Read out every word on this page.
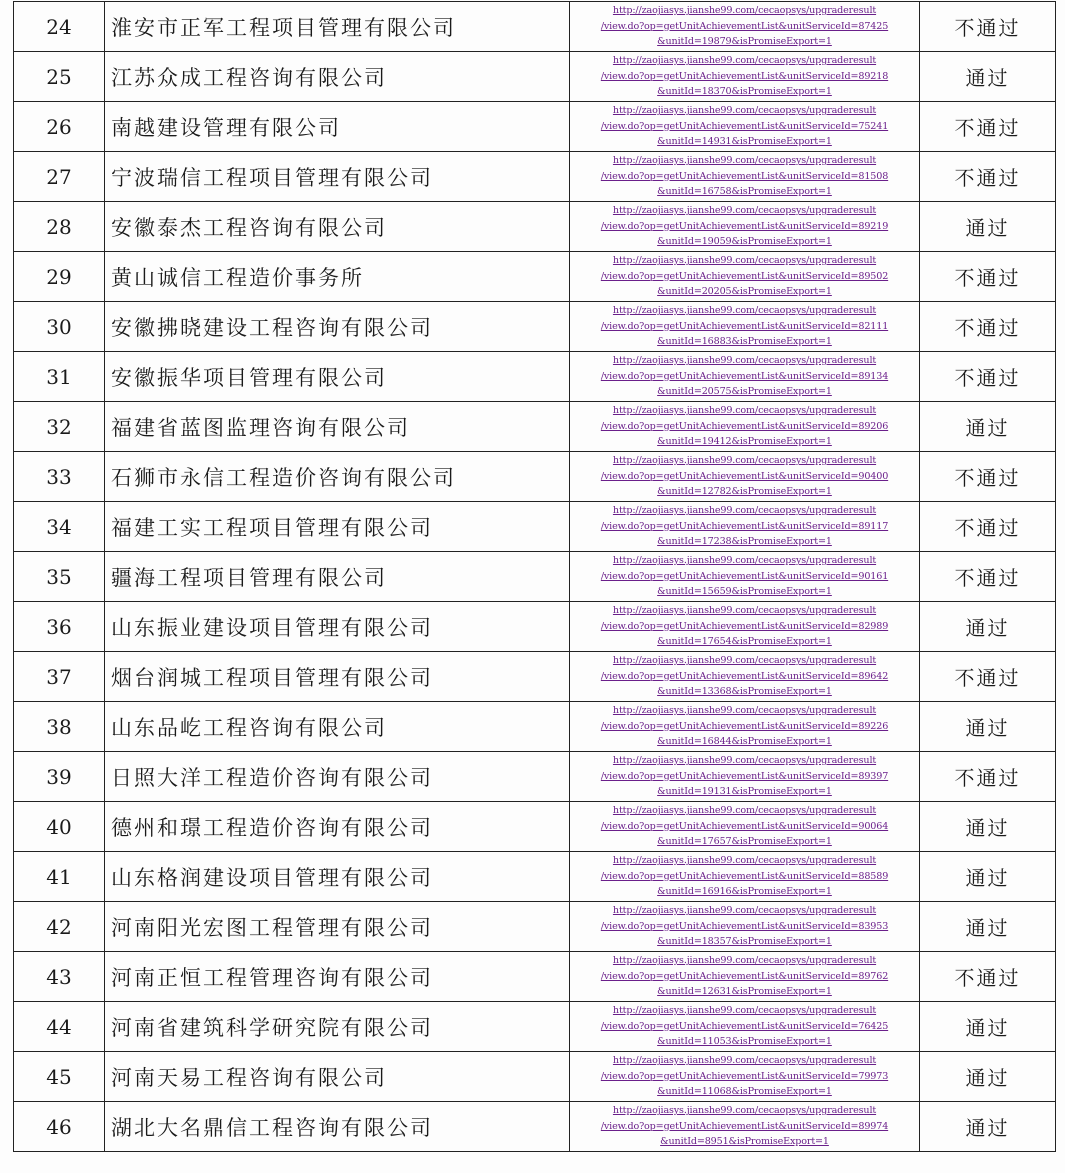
24	淮安市正军工程项目管理有限公司	http://zaojiasys.jianshe99.com/cecaopsys/upgraderesult
/view.do?op=getUnitAchievementList&unitServiceId=87425
&unitId=19879&isPromiseExport=1	不通过
25	江苏众成工程咨询有限公司	http://zaojiasys.jianshe99.com/cecaopsys/upgraderesult
/view.do?op=getUnitAchievementList&unitServiceId=89218
&unitId=18370&isPromiseExport=1	通过
26	南越建设管理有限公司	http://zaojiasys.jianshe99.com/cecaopsys/upgraderesult
/view.do?op=getUnitAchievementList&unitServiceId=75241
&unitId=14931&isPromiseExport=1	不通过
27	宁波瑞信工程项目管理有限公司	http://zaojiasys.jianshe99.com/cecaopsys/upgraderesult
/view.do?op=getUnitAchievementList&unitServiceId=81508
&unitId=16758&isPromiseExport=1	不通过
28	安徽泰杰工程咨询有限公司	http://zaojiasys.jianshe99.com/cecaopsys/upgraderesult
/view.do?op=getUnitAchievementList&unitServiceId=89219
&unitId=19059&isPromiseExport=1	通过
29	黄山诚信工程造价事务所	http://zaojiasys.jianshe99.com/cecaopsys/upgraderesult
/view.do?op=getUnitAchievementList&unitServiceId=89502
&unitId=20205&isPromiseExport=1	不通过
30	安徽拂晓建设工程咨询有限公司	http://zaojiasys.jianshe99.com/cecaopsys/upgraderesult
/view.do?op=getUnitAchievementList&unitServiceId=82111
&unitId=16883&isPromiseExport=1	不通过
31	安徽振华项目管理有限公司	http://zaojiasys.jianshe99.com/cecaopsys/upgraderesult
/view.do?op=getUnitAchievementList&unitServiceId=89134
&unitId=20575&isPromiseExport=1	不通过
32	福建省蓝图监理咨询有限公司	http://zaojiasys.jianshe99.com/cecaopsys/upgraderesult
/view.do?op=getUnitAchievementList&unitServiceId=89206
&unitId=19412&isPromiseExport=1	通过
33	石狮市永信工程造价咨询有限公司	http://zaojiasys.jianshe99.com/cecaopsys/upgraderesult
/view.do?op=getUnitAchievementList&unitServiceId=90400
&unitId=12782&isPromiseExport=1	不通过
34	福建工实工程项目管理有限公司	http://zaojiasys.jianshe99.com/cecaopsys/upgraderesult
/view.do?op=getUnitAchievementList&unitServiceId=89117
&unitId=17238&isPromiseExport=1	不通过
35	疆海工程项目管理有限公司	http://zaojiasys.jianshe99.com/cecaopsys/upgraderesult
/view.do?op=getUnitAchievementList&unitServiceId=90161
&unitId=15659&isPromiseExport=1	不通过
36	山东振业建设项目管理有限公司	http://zaojiasys.jianshe99.com/cecaopsys/upgraderesult
/view.do?op=getUnitAchievementList&unitServiceId=82989
&unitId=17654&isPromiseExport=1	通过
37	烟台润城工程项目管理有限公司	http://zaojiasys.jianshe99.com/cecaopsys/upgraderesult
/view.do?op=getUnitAchievementList&unitServiceId=89642
&unitId=13368&isPromiseExport=1	不通过
38	山东品屹工程咨询有限公司	http://zaojiasys.jianshe99.com/cecaopsys/upgraderesult
/view.do?op=getUnitAchievementList&unitServiceId=89226
&unitId=16844&isPromiseExport=1	通过
39	日照大洋工程造价咨询有限公司	http://zaojiasys.jianshe99.com/cecaopsys/upgraderesult
/view.do?op=getUnitAchievementList&unitServiceId=89397
&unitId=19131&isPromiseExport=1	不通过
40	德州和璟工程造价咨询有限公司	http://zaojiasys.jianshe99.com/cecaopsys/upgraderesult
/view.do?op=getUnitAchievementList&unitServiceId=90064
&unitId=17657&isPromiseExport=1	通过
41	山东格润建设项目管理有限公司	http://zaojiasys.jianshe99.com/cecaopsys/upgraderesult
/view.do?op=getUnitAchievementList&unitServiceId=88589
&unitId=16916&isPromiseExport=1	通过
42	河南阳光宏图工程管理有限公司	http://zaojiasys.jianshe99.com/cecaopsys/upgraderesult
/view.do?op=getUnitAchievementList&unitServiceId=83953
&unitId=18357&isPromiseExport=1	通过
43	河南正恒工程管理咨询有限公司	http://zaojiasys.jianshe99.com/cecaopsys/upgraderesult
/view.do?op=getUnitAchievementList&unitServiceId=89762
&unitId=12631&isPromiseExport=1	不通过
44	河南省建筑科学研究院有限公司	http://zaojiasys.jianshe99.com/cecaopsys/upgraderesult
/view.do?op=getUnitAchievementList&unitServiceId=76425
&unitId=11053&isPromiseExport=1	通过
45	河南天易工程咨询有限公司	http://zaojiasys.jianshe99.com/cecaopsys/upgraderesult
/view.do?op=getUnitAchievementList&unitServiceId=79973
&unitId=11068&isPromiseExport=1	通过
46	湖北大名鼎信工程咨询有限公司	http://zaojiasys.jianshe99.com/cecaopsys/upgraderesult
/view.do?op=getUnitAchievementList&unitServiceId=89974
&unitId=8951&isPromiseExport=1	通过
